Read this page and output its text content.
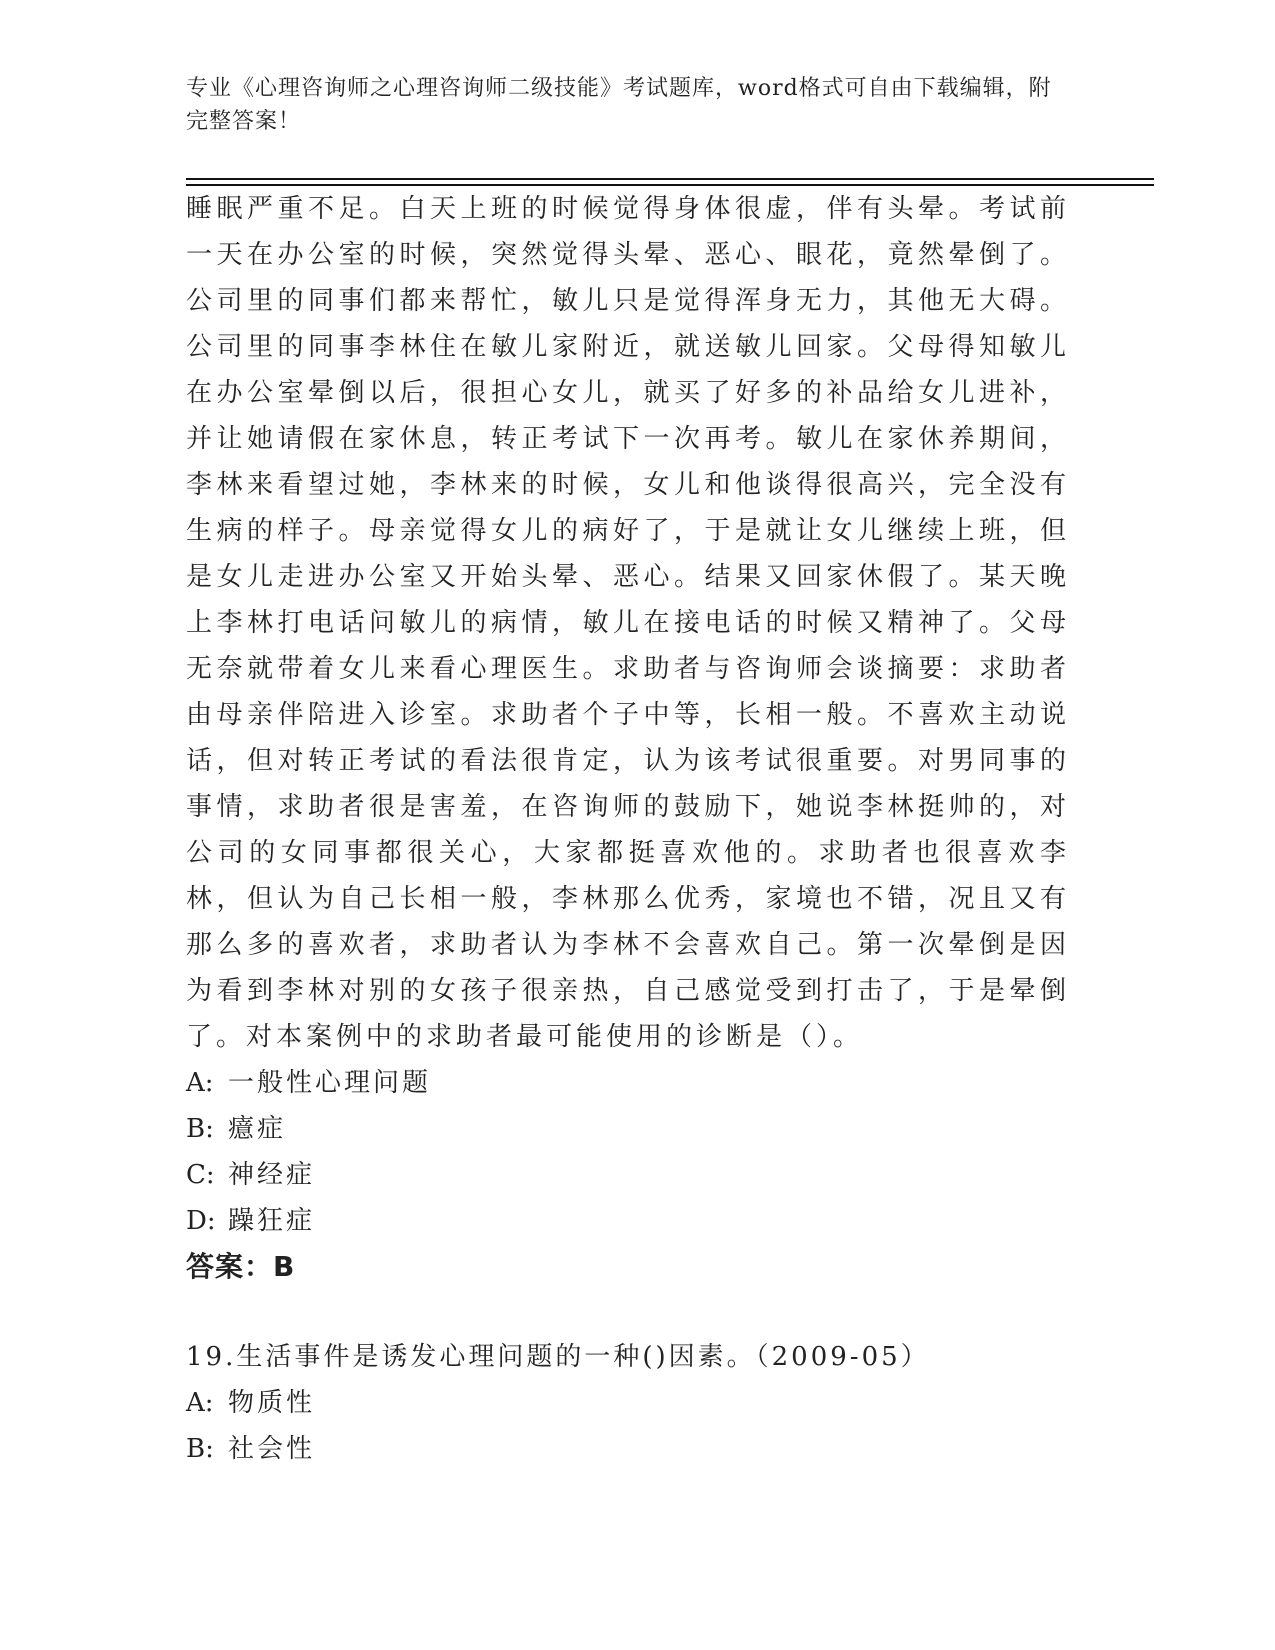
专业《心理咨询师之心理咨询师二级技能》考试题库，word格式可自由下载编辑，附完整答案！

睡眠严重不足。白天上班的时候觉得身体很虚，伴有头晕。考试前一天在办公室的时候，突然觉得头晕、恶心、眼花，竟然晕倒了。公司里的同事们都来帮忙，敏儿只是觉得浑身无力，其他无大碍。公司里的同事李林住在敏儿家附近，就送敏儿回家。父母得知敏儿在办公室晕倒以后，很担心女儿，就买了好多的补品给女儿进补，并让她请假在家休息，转正考试下一次再考。敏儿在家休养期间，李林来看望过她，李林来的时候，女儿和他谈得很高兴，完全没有生病的样子。母亲觉得女儿的病好了，于是就让女儿继续上班，但是女儿走进办公室又开始头晕、恶心。结果又回家休假了。某天晚上李林打电话问敏儿的病情，敏儿在接电话的时候又精神了。父母无奈就带着女儿来看心理医生。求助者与咨询师会谈摘要：求助者由母亲伴陪进入诊室。求助者个子中等，长相一般。不喜欢主动说话，但对转正考试的看法很肯定，认为该考试很重要。对男同事的事情，求助者很是害羞，在咨询师的鼓励下，她说李林挺帅的，对公司的女同事都很关心，大家都挺喜欢他的。求助者也很喜欢李林，但认为自己长相一般，李林那么优秀，家境也不错，况且又有那么多的喜欢者，求助者认为李林不会喜欢自己。第一次晕倒是因为看到李林对别的女孩子很亲热，自己感觉受到打击了，于是晕倒了。对本案例中的求助者最可能使用的诊断是（）。

A: 一般性心理问题

B: 癔症

C: 神经症

D: 躁狂症

答案：B

19.生活事件是诱发心理问题的一种()因素。（2009-05）

A: 物质性

B: 社会性
